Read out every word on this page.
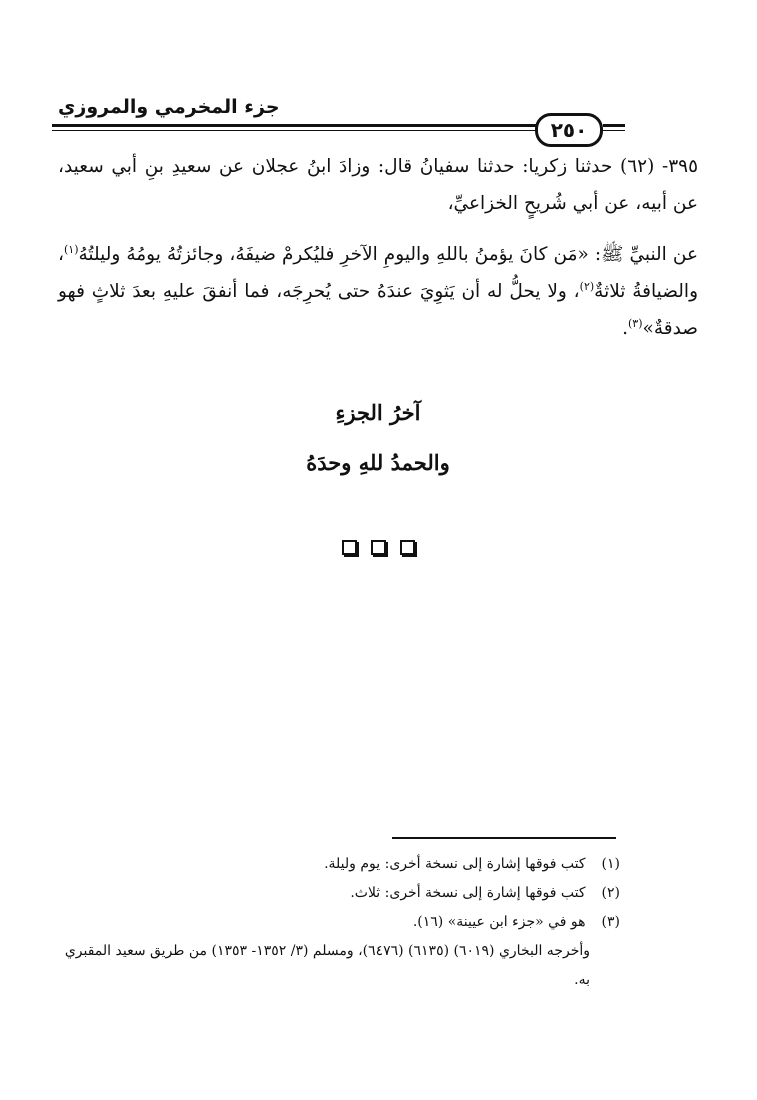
جزء المخرمي والمروزي
٢٥٠

٣٩٥- (٦٢) حدثنا زكريا: حدثنا سفيانُ قال: وزادَ ابنُ عجلان عن سعيدِ بنِ أبي سعيد، عن أبيه، عن أبي شُريحٍ الخزاعيِّ،

عن النبيِّ ﷺ: «مَن كانَ يؤمنُ باللهِ واليومِ الآخرِ فليُكرمْ ضيفَهُ، وجائزتُهُ يومُهُ وليلتُهُ$^{(١)}$، والضيافةُ ثلاثةٌ$^{(٢)}$، ولا يحلُّ له أن يَثوِيَ عندَهُ حتى يُحرِجَه، فما أنفقَ عليهِ بعدَ ثلاثٍ فهو صدقةٌ»$^{(٣)}$.

آخرُ الجزءِ
والحمدُ للهِ وحدَهُ

(١) كتب فوقها إشارة إلى نسخة أخرى: يوم وليلة.

(٢) كتب فوقها إشارة إلى نسخة أخرى: ثلاث.

(٣) هو في «جزء ابن عيينة» (١٦).

وأخرجه البخاري (٦٠١٩) (٦١٣٥) (٦٤٧٦)، ومسلم (٣/ ١٣٥٢- ١٣٥٣) من طريق سعيد المقبري به.
